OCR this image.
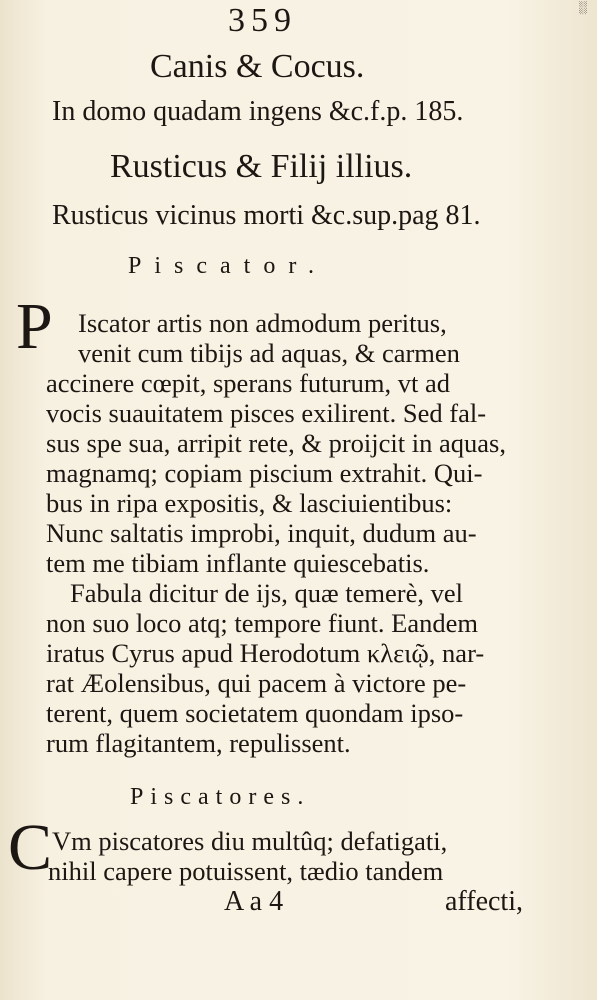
░
359
Canis & Cocus.
In domo quadam ingens &c.f.p. 185.
Rusticus & Filij illius.
Rusticus vicinus morti &c.sup.pag 81.
Piscator.
P Iscator artis non admodum peritus,
venit cum tibijs ad aquas, & carmen
accinere cœpit, sperans futurum, vt ad
vocis suauitatem pisces exilirent. Sed fal-
sus spe sua, arripit rete, & proijcit in aquas,
magnamq; copiam piscium extrahit. Qui-
bus in ripa expositis, & lasciuientibus:
Nunc saltatis improbi, inquit, dudum au-
tem me tibiam inflante quiescebatis.
Fabula dicitur de ijs, quæ temerè, vel
non suo loco atq; tempore fiunt. Eandem
iratus Cyrus apud Herodotum κλειῷ, nar-
rat Æolensibus, qui pacem à victore pe-
terent, quem societatem quondam ipso-
rum flagitantem, repulissent.
Piscatores.
C Vm piscatores diu multûq; defatigati,
nihil capere potuissent, tædio tandem
A a 4	affecti,
